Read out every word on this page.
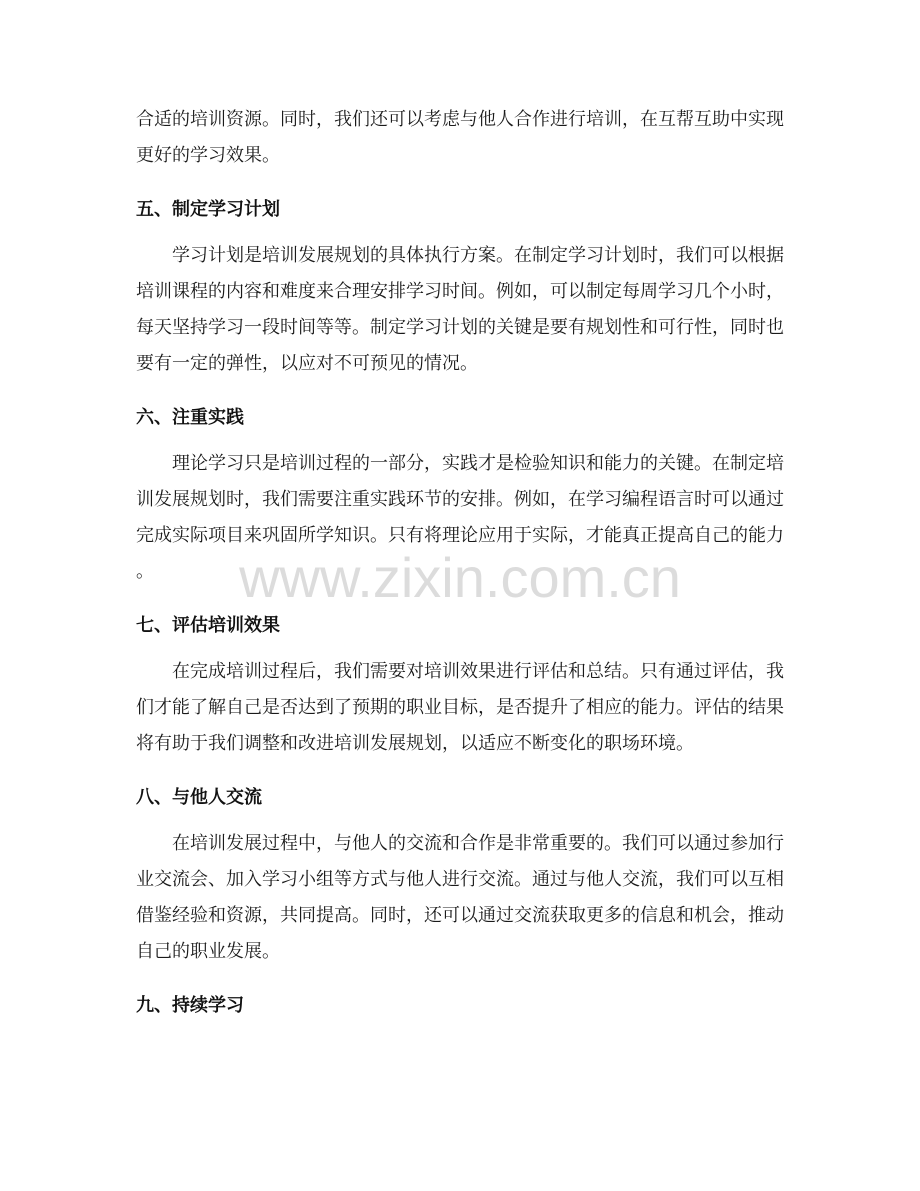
合适的培训资源。同时，我们还可以考虑与他人合作进行培训，在互帮互助中实现
更好的学习效果。
五、制定学习计划
学习计划是培训发展规划的具体执行方案。在制定学习计划时，我们可以根据
培训课程的内容和难度来合理安排学习时间。例如，可以制定每周学习几个小时，
每天坚持学习一段时间等等。制定学习计划的关键是要有规划性和可行性，同时也
要有一定的弹性，以应对不可预见的情况。
六、注重实践
理论学习只是培训过程的一部分，实践才是检验知识和能力的关键。在制定培
训发展规划时，我们需要注重实践环节的安排。例如，在学习编程语言时可以通过
完成实际项目来巩固所学知识。只有将理论应用于实际，才能真正提高自己的能力
。
七、评估培训效果
在完成培训过程后，我们需要对培训效果进行评估和总结。只有通过评估，我
们才能了解自己是否达到了预期的职业目标，是否提升了相应的能力。评估的结果
将有助于我们调整和改进培训发展规划，以适应不断变化的职场环境。
八、与他人交流
在培训发展过程中，与他人的交流和合作是非常重要的。我们可以通过参加行
业交流会、加入学习小组等方式与他人进行交流。通过与他人交流，我们可以互相
借鉴经验和资源，共同提高。同时，还可以通过交流获取更多的信息和机会，推动
自己的职业发展。
九、持续学习
www.zixin.com.cn
